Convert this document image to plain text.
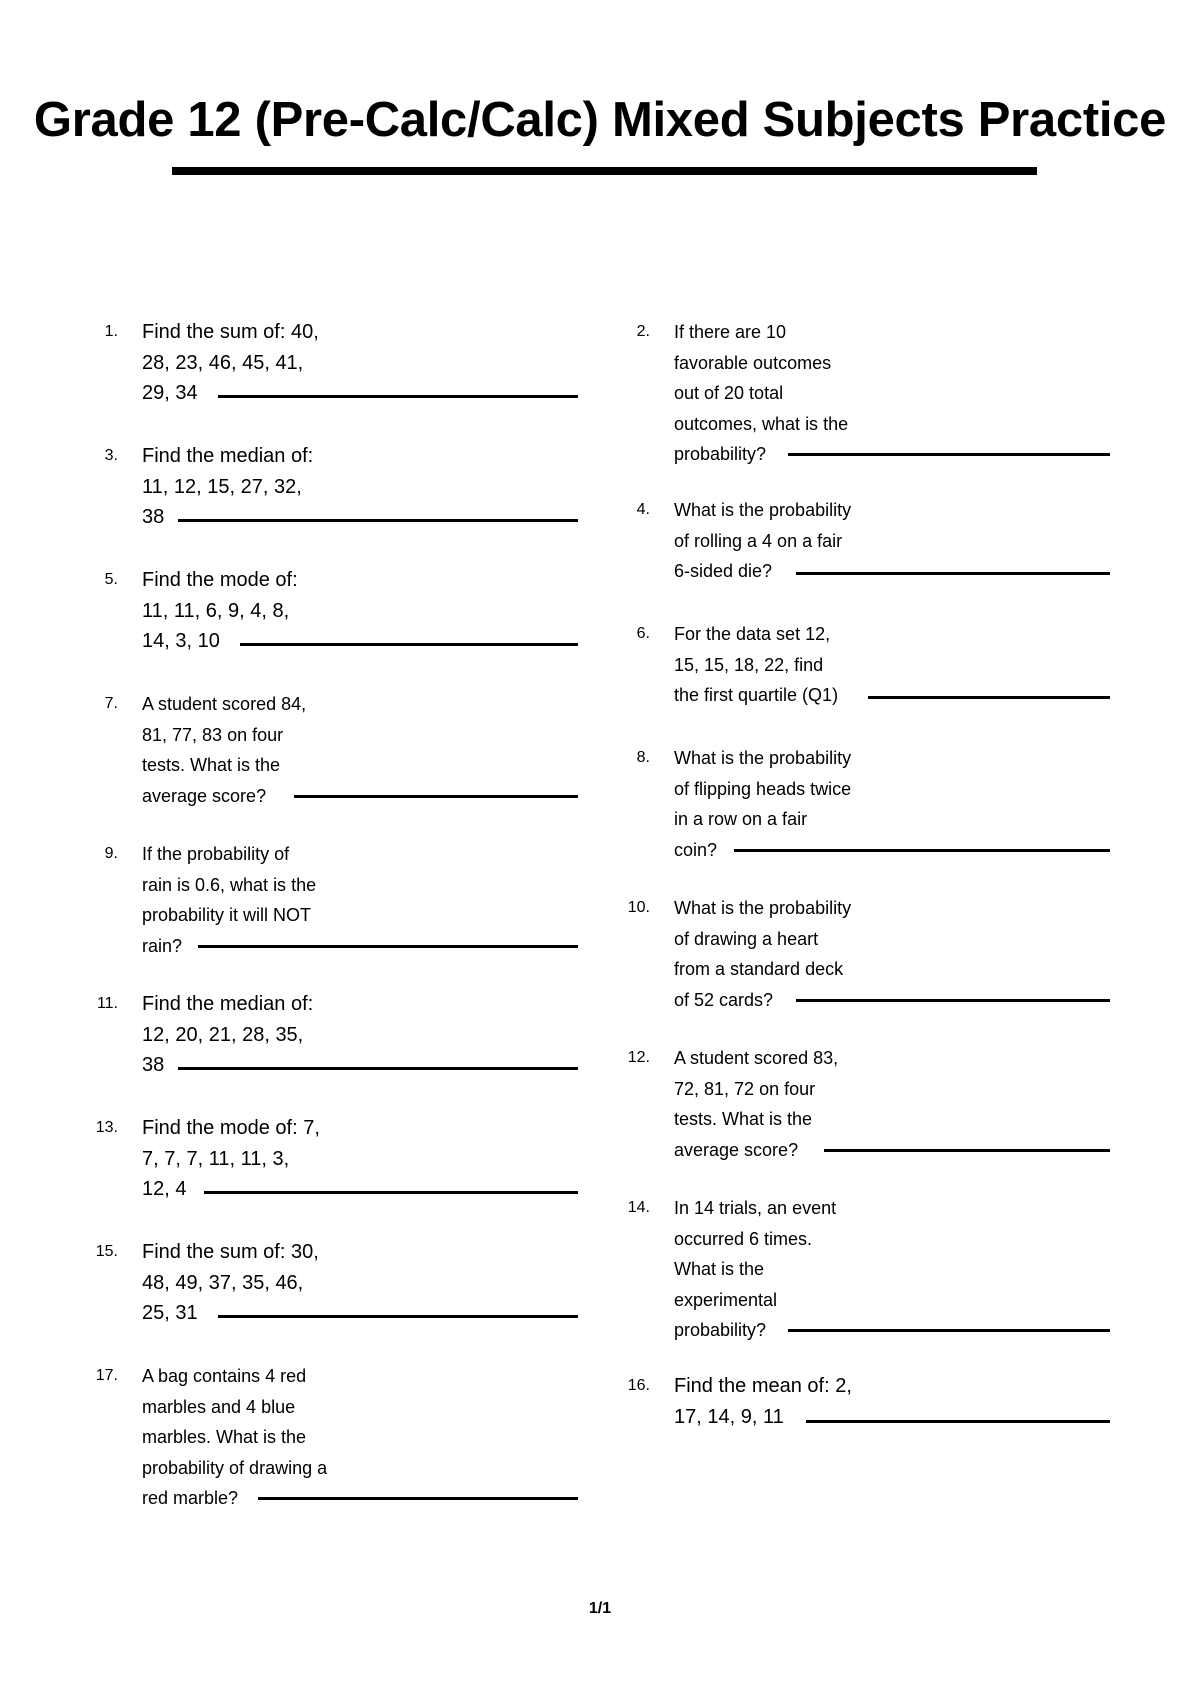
Grade 12 (Pre-Calc/Calc) Mixed Subjects Practice
1. Find the sum of: 40,
28, 23, 46, 45, 41,
29, 34
3. Find the median of:
11, 12, 15, 27, 32,
38
5. Find the mode of:
11, 11, 6, 9, 4, 8,
14, 3, 10
7. A student scored 84,
81, 77, 83 on four
tests. What is the
average score?
9. If the probability of
rain is 0.6, what is the
probability it will NOT
rain?
11. Find the median of:
12, 20, 21, 28, 35,
38
13. Find the mode of: 7,
7, 7, 7, 11, 11, 3,
12, 4
15. Find the sum of: 30,
48, 49, 37, 35, 46,
25, 31
17. A bag contains 4 red
marbles and 4 blue
marbles. What is the
probability of drawing a
red marble?
2. If there are 10
favorable outcomes
out of 20 total
outcomes, what is the
probability?
4. What is the probability
of rolling a 4 on a fair
6-sided die?
6. For the data set 12,
15, 15, 18, 22, find
the first quartile (Q1)
8. What is the probability
of flipping heads twice
in a row on a fair
coin?
10. What is the probability
of drawing a heart
from a standard deck
of 52 cards?
12. A student scored 83,
72, 81, 72 on four
tests. What is the
average score?
14. In 14 trials, an event
occurred 6 times.
What is the
experimental
probability?
16. Find the mean of: 2,
17, 14, 9, 11
1/1
